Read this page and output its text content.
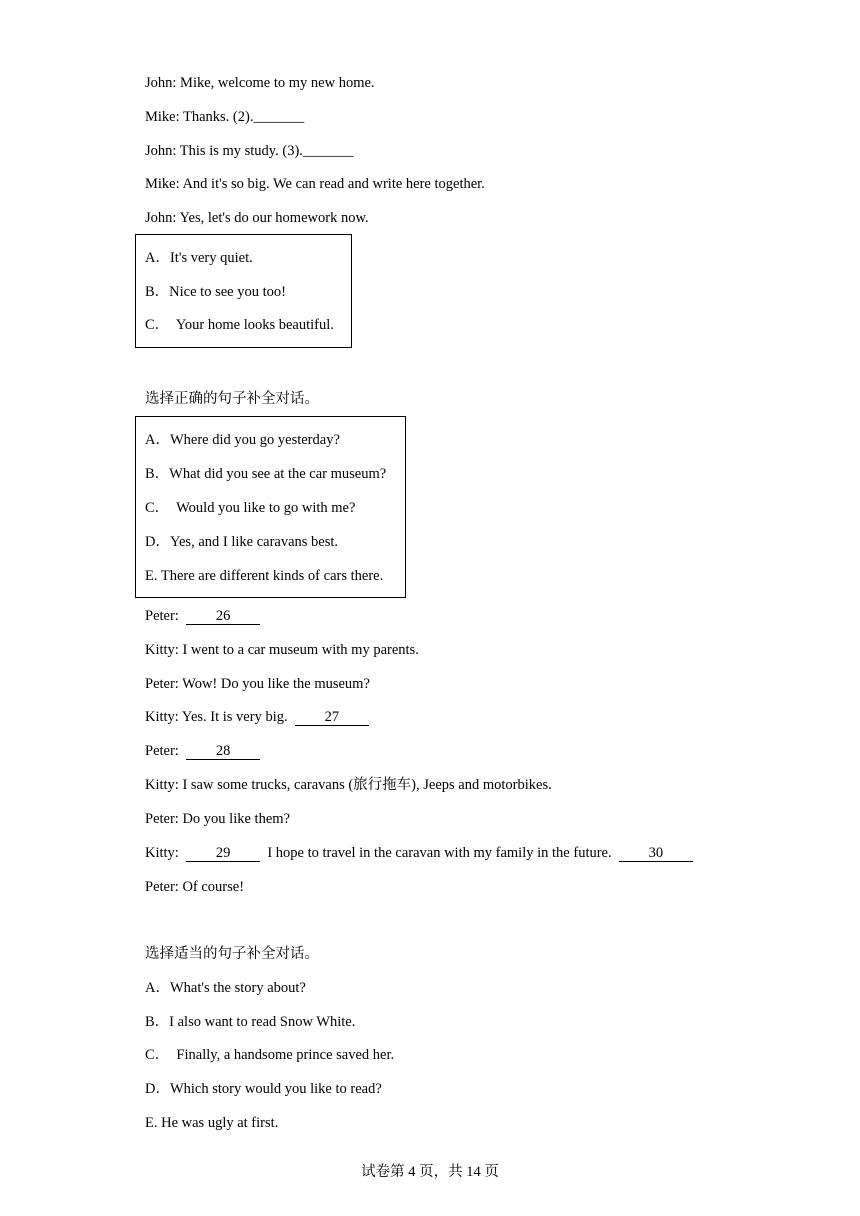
John: Mike, welcome to my new home.
Mike: Thanks. (2)._______
John: This is my study. (3)._______
Mike: And it's so big. We can read and write here together.
John: Yes, let's do our homework now.
A．It's very quiet.
B．Nice to see you too!
C．  Your home looks beautiful.
选择正确的句子补全对话。
A．Where did you go yesterday?
B．What did you see at the car museum?
C．  Would you like to go with me?
D．Yes, and I like caravans best.
E. There are different kinds of cars there.
Peter:	26
Kitty: I went to a car museum with my parents.
Peter: Wow! Do you like the museum?
Kitty: Yes. It is very big.	27
Peter:	28
Kitty: I saw some trucks, caravans (旅行拖车), Jeeps and motorbikes.
Peter: Do you like them?
Kitty:	29	I hope to travel in the caravan with my family in the future.	30
Peter: Of course!
选择适当的句子补全对话。
A．What's the story about?
B．I also want to read Snow White.
C．  Finally, a handsome prince saved her.
D．Which story would you like to read?
E. He was ugly at first.
试卷第 4 页，共 14 页
